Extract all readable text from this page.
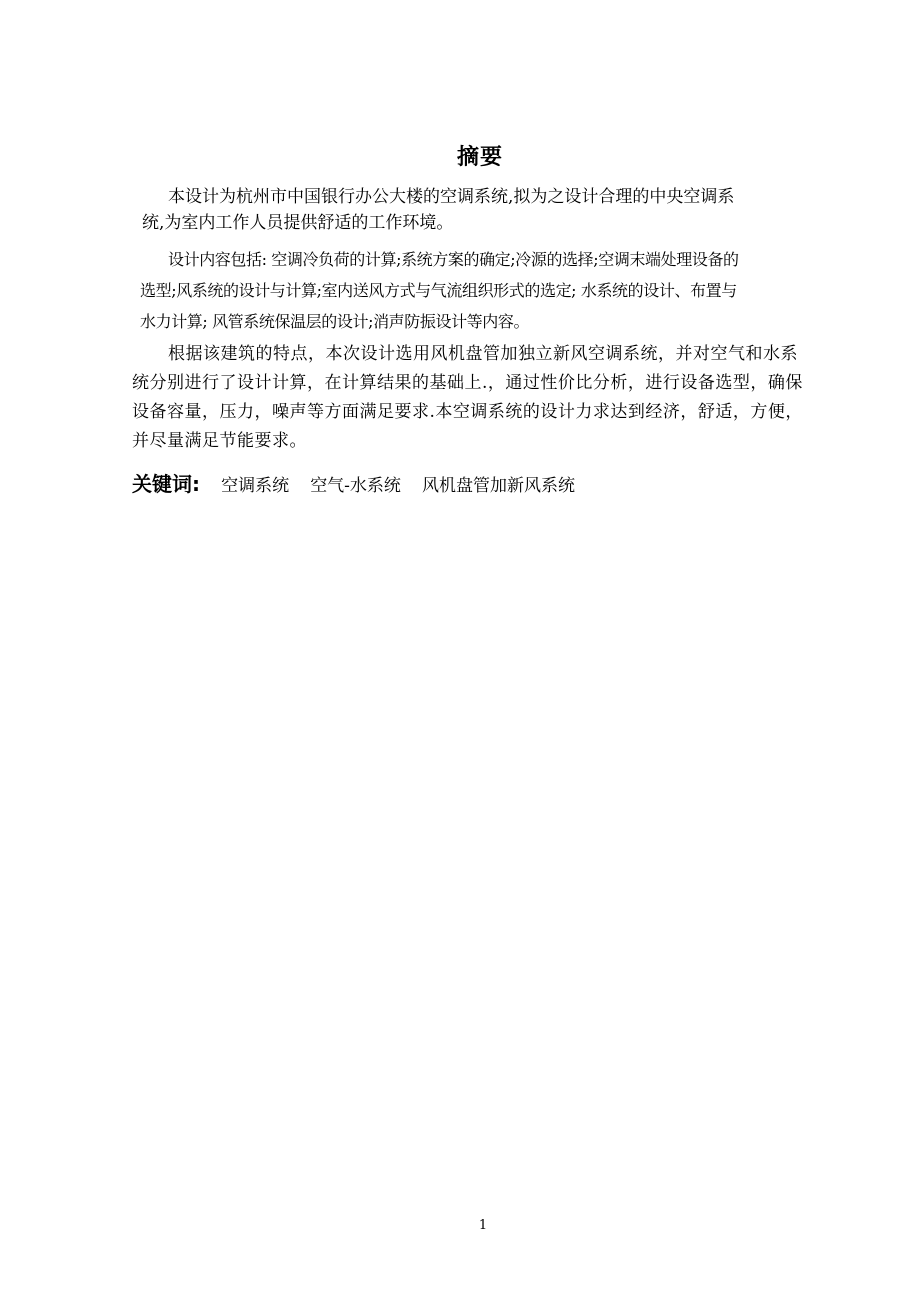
摘要

本设计为杭州市中国银行办公大楼的空调系统,拟为之设计合理的中央空调系

统,为室内工作人员提供舒适的工作环境。

设计内容包括: 空调冷负荷的计算;系统方案的确定;冷源的选择;空调末端处理设备的

选型;风系统的设计与计算;室内送风方式与气流组织形式的选定; 水系统的设计、布置与

水力计算; 风管系统保温层的设计;消声防振设计等内容。

根据该建筑的特点，本次设计选用风机盘管加独立新风空调系统，并对空气和水系

统分别进行了设计计算，在计算结果的基础上.，通过性价比分析，进行设备选型，确保

设备容量，压力，噪声等方面满足要求.本空调系统的设计力求达到经济，舒适，方便，

并尽量满足节能要求。

关键词: 空调系统 空气-水系统 风机盘管加新风系统
1
